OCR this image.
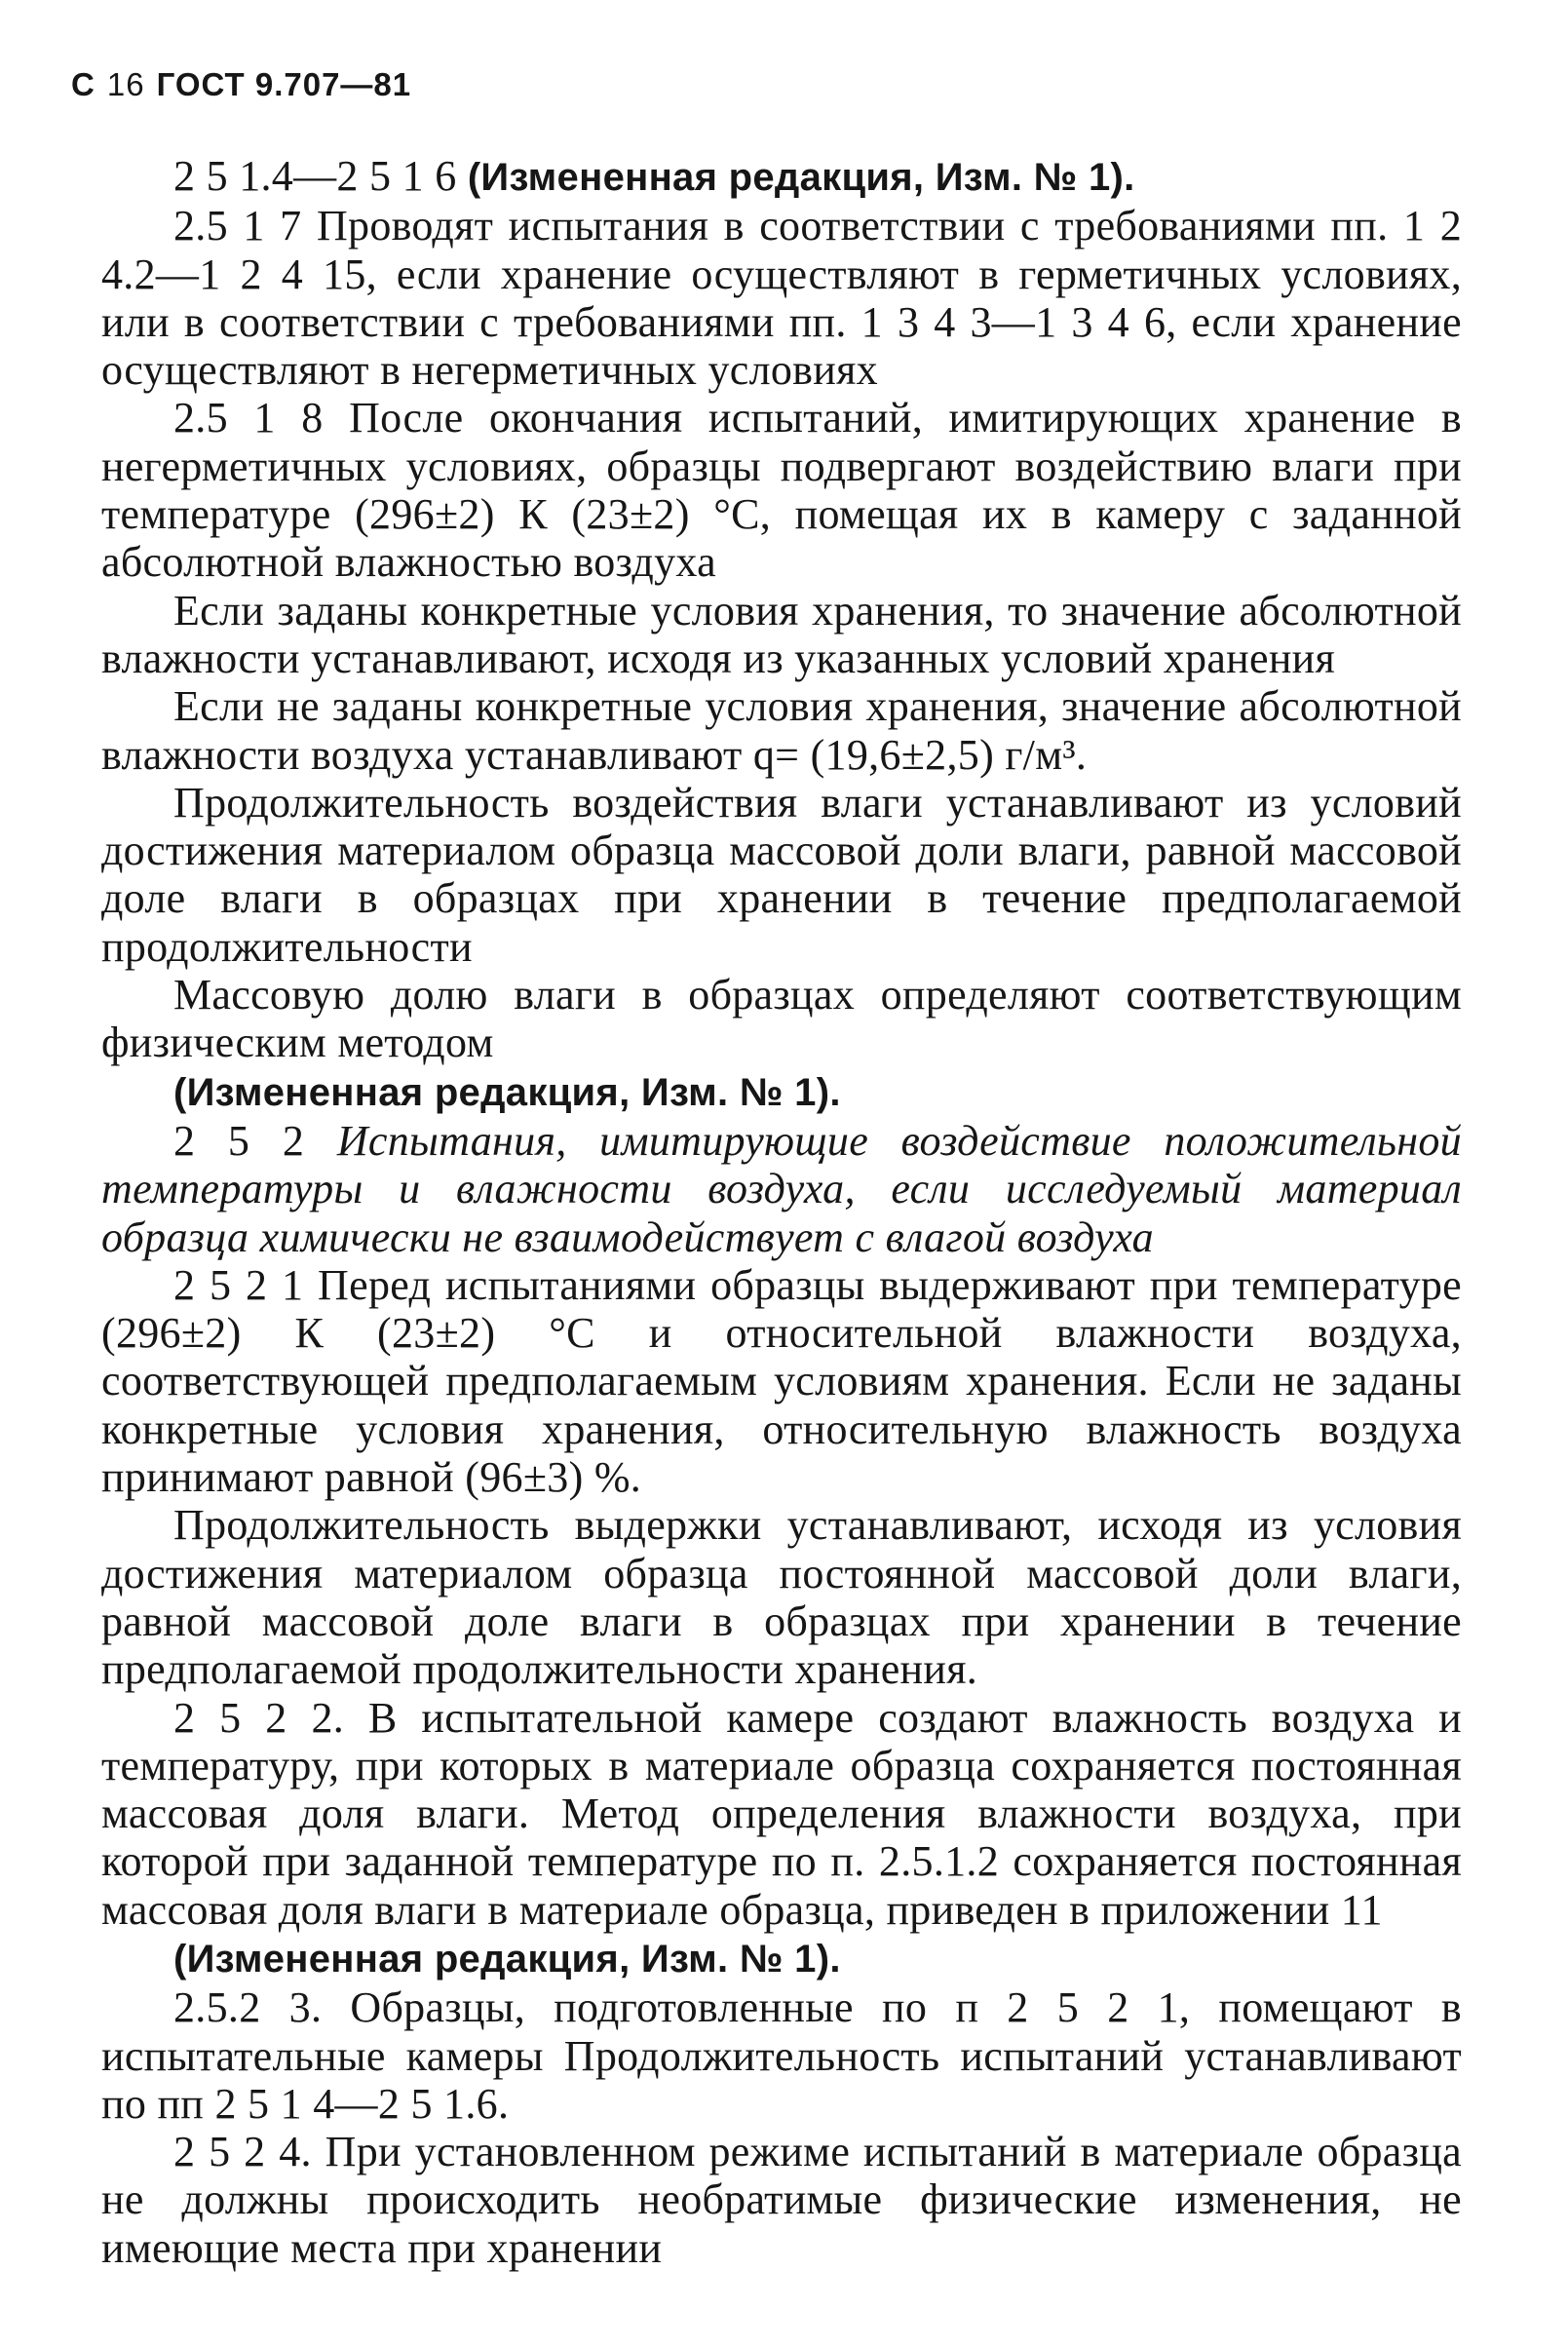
С 16 ГОСТ 9.707—81

2 5 1.4—2 5 1 6 (Измененная редакция, Изм. № 1).

2.5 1 7 Проводят испытания в соответствии с требованиями пп. 1 2 4.2—1 2 4 15, если хранение осуществляют в герметичных условиях, или в соответствии с требованиями пп. 1 3 4 3—1 3 4 6, если хранение осуществляют в негерметичных условиях

2.5 1 8 После окончания испытаний, имитирующих хранение в негерметичных условиях, образцы подвергают воздействию влаги при температуре (296±2) К (23±2) °С, помещая их в камеру с заданной абсолютной влажностью воздуха

Если заданы конкретные условия хранения, то значение абсолютной влажности устанавливают, исходя из указанных условий хранения

Если не заданы конкретные условия хранения, значение абсолютной влажности воздуха устанавливают q= (19,6±2,5) г/м³.

Продолжительность воздействия влаги устанавливают из условий достижения материалом образца массовой доли влаги, равной массовой доле влаги в образцах при хранении в течение предполагаемой продолжительности

Массовую долю влаги в образцах определяют соответствующим физическим методом

(Измененная редакция, Изм. № 1).

2 5 2 Испытания, имитирующие воздействие положительной температуры и влажности воздуха, если исследуемый материал образца химически не взаимодействует с влагой воздуха

2 5 2 1 Перед испытаниями образцы выдерживают при температуре (296±2) К (23±2) °С и относительной влажности воздуха, соответствующей предполагаемым условиям хранения. Если не заданы конкретные условия хранения, относительную влажность воздуха принимают равной (96±3) %.

Продолжительность выдержки устанавливают, исходя из условия достижения материалом образца постоянной массовой доли влаги, равной массовой доле влаги в образцах при хранении в течение предполагаемой продолжительности хранения.

2 5 2 2. В испытательной камере создают влажность воздуха и температуру, при которых в материале образца сохраняется постоянная массовая доля влаги. Метод определения влажности воздуха, при которой при заданной температуре по п. 2.5.1.2 сохраняется постоянная массовая доля влаги в материале образца, приведен в приложении 11

(Измененная редакция, Изм. № 1).

2.5.2 3. Образцы, подготовленные по п 2 5 2 1, помещают в испытательные камеры Продолжительность испытаний устанавливают по пп 2 5 1 4—2 5 1.6.

2 5 2 4. При установленном режиме испытаний в материале образца не должны происходить необратимые физические изменения, не имеющие места при хранении
